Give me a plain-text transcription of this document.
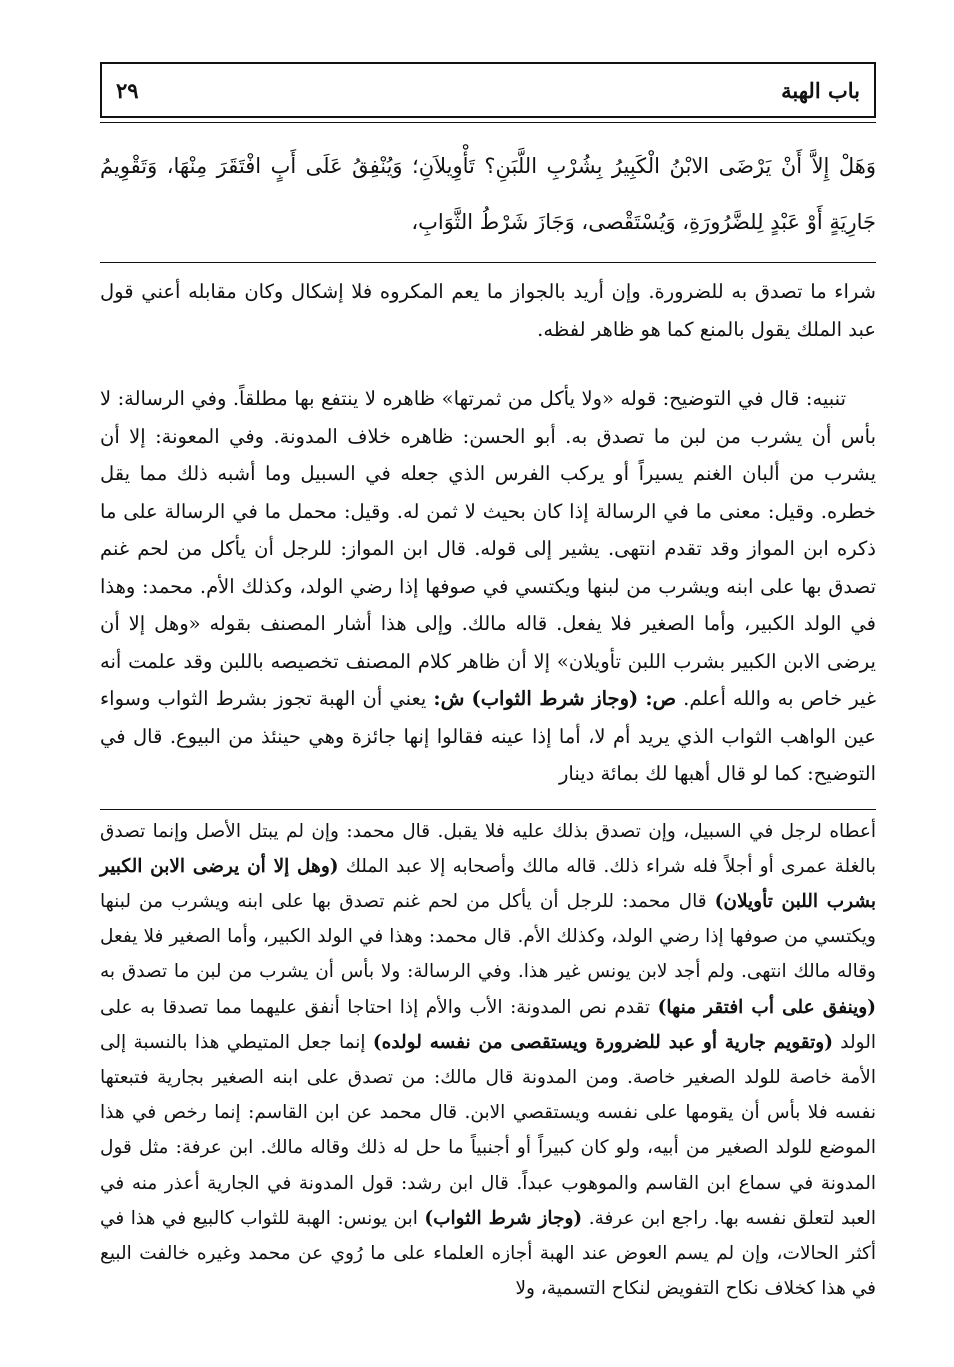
باب الهبة
٢٩

وَهَلْ إِلاَّ أَنْ يَرْضَى الابْنُ الْكَبِيرُ بِشُرْبِ اللَّبَنِ؟ تَأْوِيلاَنِ؛ وَيُنْفِقُ عَلَى أَبٍ افْتَقَرَ مِنْهَا، وَتَقْوِيمُ جَارِيَةٍ أَوْ عَبْدٍ لِلضَّرُورَةِ، وَيُسْتَقْصى، وَجَازَ شَرْطُ الثَّوَابِ،

شراء ما تصدق به للضرورة. وإن أريد بالجواز ما يعم المكروه فلا إشكال وكان مقابله أعني قول عبد الملك يقول بالمنع كما هو ظاهر لفظه.

تنبيه: قال في التوضيح: قوله «ولا يأكل من ثمرتها» ظاهره لا ينتفع بها مطلقاً. وفي الرسالة: لا بأس أن يشرب من لبن ما تصدق به. أبو الحسن: ظاهره خلاف المدونة. وفي المعونة: إلا أن يشرب من ألبان الغنم يسيراً أو يركب الفرس الذي جعله في السبيل وما أشبه ذلك مما يقل خطره. وقيل: معنى ما في الرسالة إذا كان بحيث لا ثمن له. وقيل: محمل ما في الرسالة على ما ذكره ابن المواز وقد تقدم انتهى. يشير إلى قوله. قال ابن المواز: للرجل أن يأكل من لحم غنم تصدق بها على ابنه ويشرب من لبنها ويكتسي في صوفها إذا رضي الولد، وكذلك الأم. محمد: وهذا في الولد الكبير، وأما الصغير فلا يفعل. قاله مالك. وإلى هذا أشار المصنف بقوله «وهل إلا أن يرضى الابن الكبير بشرب اللبن تأويلان» إلا أن ظاهر كلام المصنف تخصيصه باللبن وقد علمت أنه غير خاص به والله أعلم. ص: (وجاز شرط الثواب) ش: يعني أن الهبة تجوز بشرط الثواب وسواء عين الواهب الثواب الذي يريد أم لا، أما إذا عينه فقالوا إنها جائزة وهي حينئذ من البيوع. قال في التوضيح: كما لو قال أهبها لك بمائة دينار

أعطاه لرجل في السبيل، وإن تصدق بذلك عليه فلا يقبل. قال محمد: وإن لم يبتل الأصل وإنما تصدق بالغلة عمرى أو أجلاً فله شراء ذلك. قاله مالك وأصحابه إلا عبد الملك (وهل إلا أن يرضى الابن الكبير بشرب اللبن تأويلان) قال محمد: للرجل أن يأكل من لحم غنم تصدق بها على ابنه ويشرب من لبنها ويكتسي من صوفها إذا رضي الولد، وكذلك الأم. قال محمد: وهذا في الولد الكبير، وأما الصغير فلا يفعل وقاله مالك انتهى. ولم أجد لابن يونس غير هذا. وفي الرسالة: ولا بأس أن يشرب من لبن ما تصدق به (وينفق على أب افتقر منها) تقدم نص المدونة: الأب والأم إذا احتاجا أنفق عليهما مما تصدقا به على الولد (وتقويم جارية أو عبد للضرورة ويستقصى من نفسه لولده) إنما جعل المتيطي هذا بالنسبة إلى الأمة خاصة للولد الصغير خاصة. ومن المدونة قال مالك: من تصدق على ابنه الصغير بجارية فتبعتها نفسه فلا بأس أن يقومها على نفسه ويستقصي الابن. قال محمد عن ابن القاسم: إنما رخص في هذا الموضع للولد الصغير من أبيه، ولو كان كبيراً أو أجنبياً ما حل له ذلك وقاله مالك. ابن عرفة: مثل قول المدونة في سماع ابن القاسم والموهوب عبداً. قال ابن رشد: قول المدونة في الجارية أعذر منه في العبد لتعلق نفسه بها. راجع ابن عرفة. (وجاز شرط الثواب) ابن يونس: الهبة للثواب كالبيع في هذا في أكثر الحالات، وإن لم يسم العوض عند الهبة أجازه العلماء على ما رُوي عن محمد وغيره خالفت البيع في هذا كخلاف نكاح التفويض لنكاح التسمية، ولا
